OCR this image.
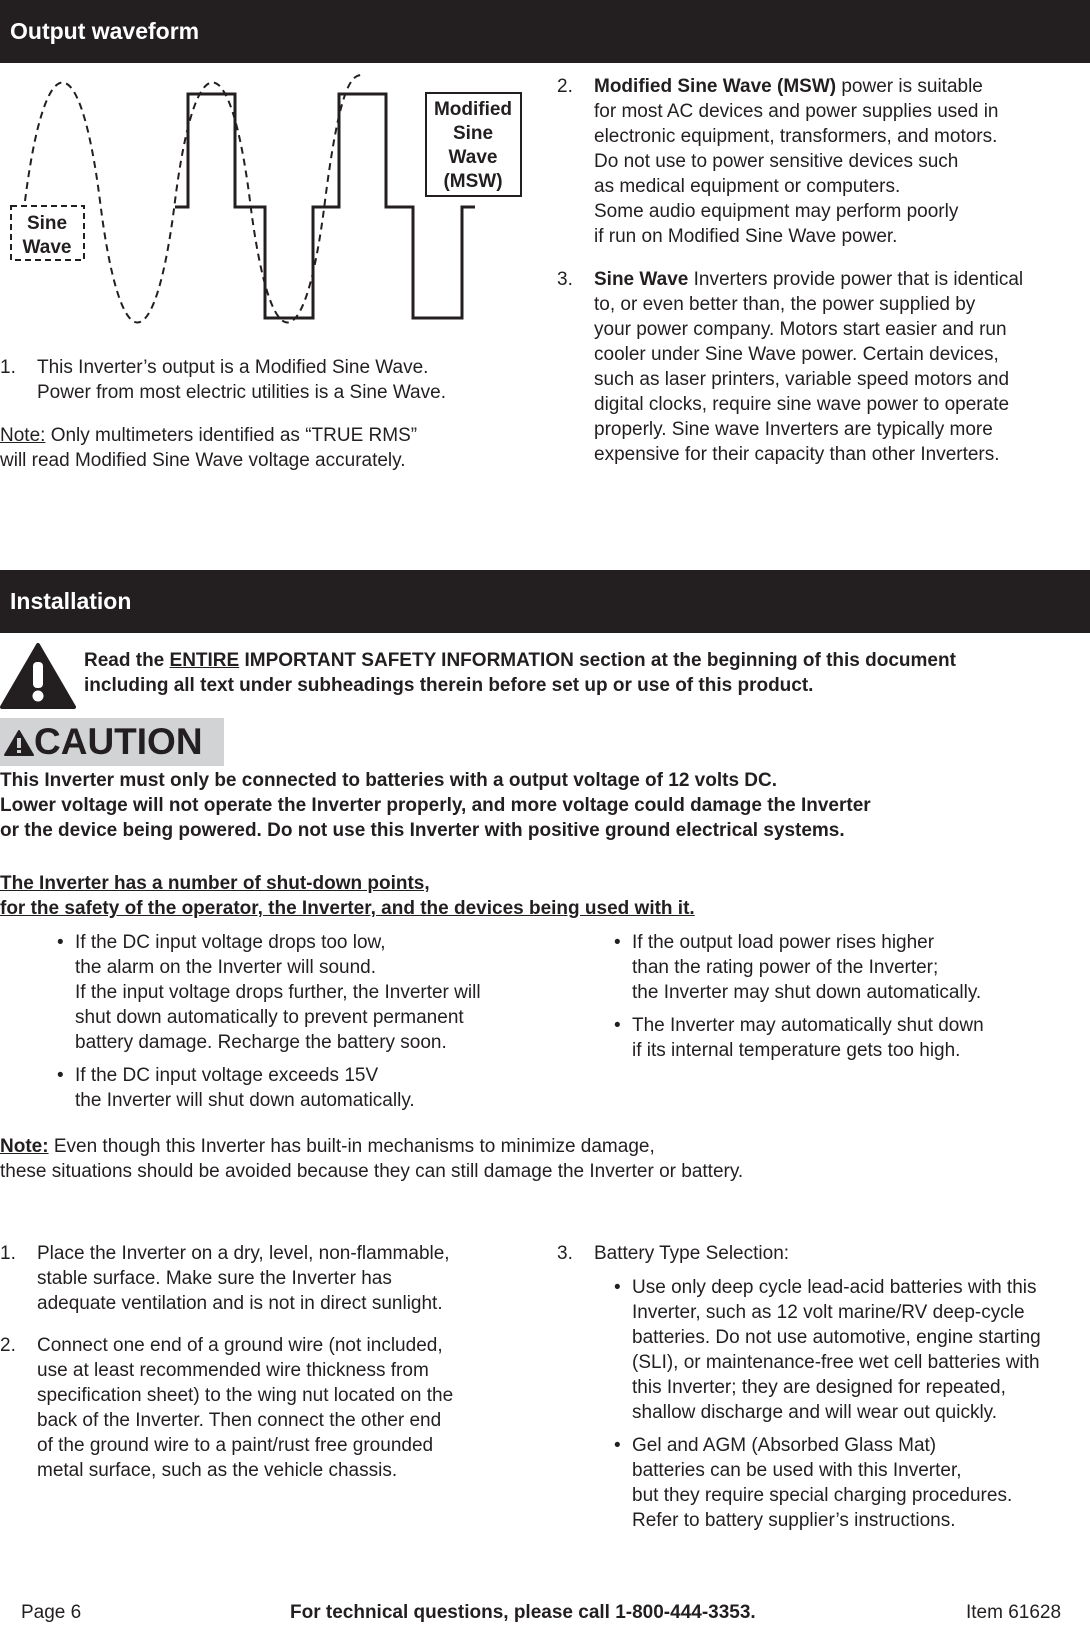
Output waveform
Sine
Wave
Modified
Sine
Wave
(MSW)
1. This Inverter’s output is a Modified Sine Wave.
Power from most electric utilities is a Sine Wave.
Note: Only multimeters identified as “TRUE RMS”
will read Modified Sine Wave voltage accurately.
2. Modified Sine Wave (MSW) power is suitable
for most AC devices and power supplies used in
electronic equipment, transformers, and motors.
Do not use to power sensitive devices such
as medical equipment or computers.
Some audio equipment may perform poorly
if run on Modified Sine Wave power.
3. Sine Wave Inverters provide power that is identical
to, or even better than, the power supplied by
your power company. Motors start easier and run
cooler under Sine Wave power. Certain devices,
such as laser printers, variable speed motors and
digital clocks, require sine wave power to operate
properly. Sine wave Inverters are typically more
expensive for their capacity than other Inverters.
Installation
Read the ENTIRE IMPORTANT SAFETY INFORMATION section at the beginning of this document
including all text under subheadings therein before set up or use of this product.
CAUTION
This Inverter must only be connected to batteries with a output voltage of 12 volts DC.
Lower voltage will not operate the Inverter properly, and more voltage could damage the Inverter
or the device being powered. Do not use this Inverter with positive ground electrical systems.
The Inverter has a number of shut-down points,
for the safety of the operator, the Inverter, and the devices being used with it.
• If the DC input voltage drops too low,
the alarm on the Inverter will sound.
If the input voltage drops further, the Inverter will
shut down automatically to prevent permanent
battery damage. Recharge the battery soon.
• If the DC input voltage exceeds 15V
the Inverter will shut down automatically.
• If the output load power rises higher
than the rating power of the Inverter;
the Inverter may shut down automatically.
• The Inverter may automatically shut down
if its internal temperature gets too high.
Note: Even though this Inverter has built-in mechanisms to minimize damage,
these situations should be avoided because they can still damage the Inverter or battery.
1. Place the Inverter on a dry, level, non-flammable,
stable surface. Make sure the Inverter has
adequate ventilation and is not in direct sunlight.
2. Connect one end of a ground wire (not included,
use at least recommended wire thickness from
specification sheet) to the wing nut located on the
back of the Inverter. Then connect the other end
of the ground wire to a paint/rust free grounded
metal surface, such as the vehicle chassis.
3. Battery Type Selection:
• Use only deep cycle lead-acid batteries with this
Inverter, such as 12 volt marine/RV deep-cycle
batteries. Do not use automotive, engine starting
(SLI), or maintenance-free wet cell batteries with
this Inverter; they are designed for repeated,
shallow discharge and will wear out quickly.
• Gel and AGM (Absorbed Glass Mat)
batteries can be used with this Inverter,
but they require special charging procedures.
Refer to battery supplier’s instructions.
Page 6	For technical questions, please call 1-800-444-3353.	Item 61628
